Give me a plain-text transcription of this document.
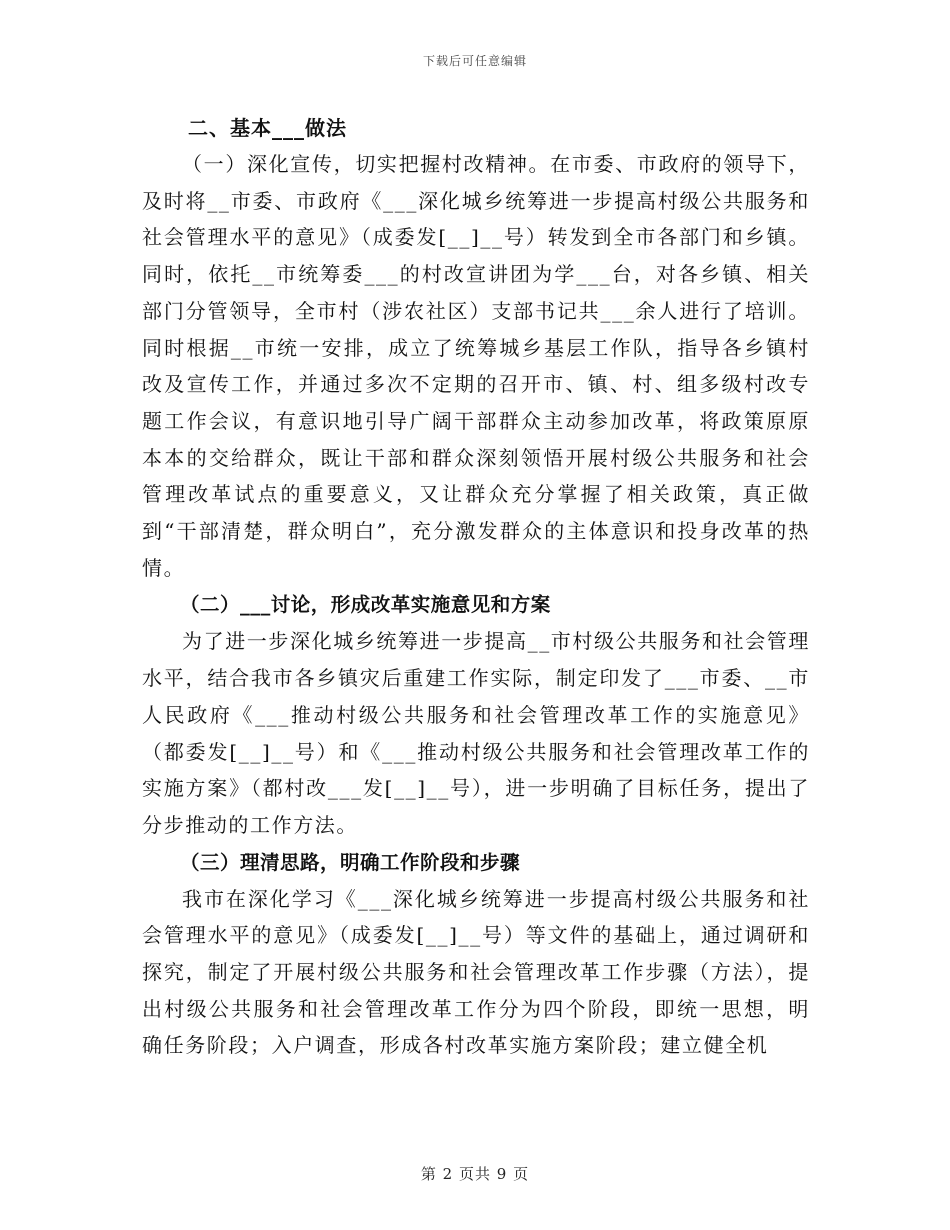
下载后可任意编辑
二、基本___做法

（一）深化宣传，切实把握村改精神。在市委、市政府的领导下，及时将__市委、市政府《___深化城乡统筹进一步提高村级公共服务和社会管理水平的意见》（成委发[__]__号）转发到全市各部门和乡镇。同时，依托__市统筹委___的村改宣讲团为学___台，对各乡镇、相关部门分管领导，全市村（涉农社区）支部书记共___余人进行了培训。同时根据__市统一安排，成立了统筹城乡基层工作队，指导各乡镇村改及宣传工作，并通过多次不定期的召开市、镇、村、组多级村改专题工作会议，有意识地引导广阔干部群众主动参加改革，将政策原原本本的交给群众，既让干部和群众深刻领悟开展村级公共服务和社会管理改革试点的重要意义，又让群众充分掌握了相关政策，真正做到“干部清楚，群众明白”，充分激发群众的主体意识和投身改革的热情。

（二）___讨论，形成改革实施意见和方案

为了进一步深化城乡统筹进一步提高__市村级公共服务和社会管理水平，结合我市各乡镇灾后重建工作实际，制定印发了___市委、__市人民政府《___推动村级公共服务和社会管理改革工作的实施意见》（都委发[__]__号）和《___推动村级公共服务和社会管理改革工作的实施方案》（都村改___发[__]__号），进一步明确了目标任务，提出了分步推动的工作方法。

（三）理清思路，明确工作阶段和步骤

我市在深化学习《___深化城乡统筹进一步提高村级公共服务和社会管理水平的意见》（成委发[__]__号）等文件的基础上，通过调研和探究，制定了开展村级公共服务和社会管理改革工作步骤（方法），提出村级公共服务和社会管理改革工作分为四个阶段，即统一思想，明确任务阶段；入户调查，形成各村改革实施方案阶段；建立健全机

第 2 页共 9 页
